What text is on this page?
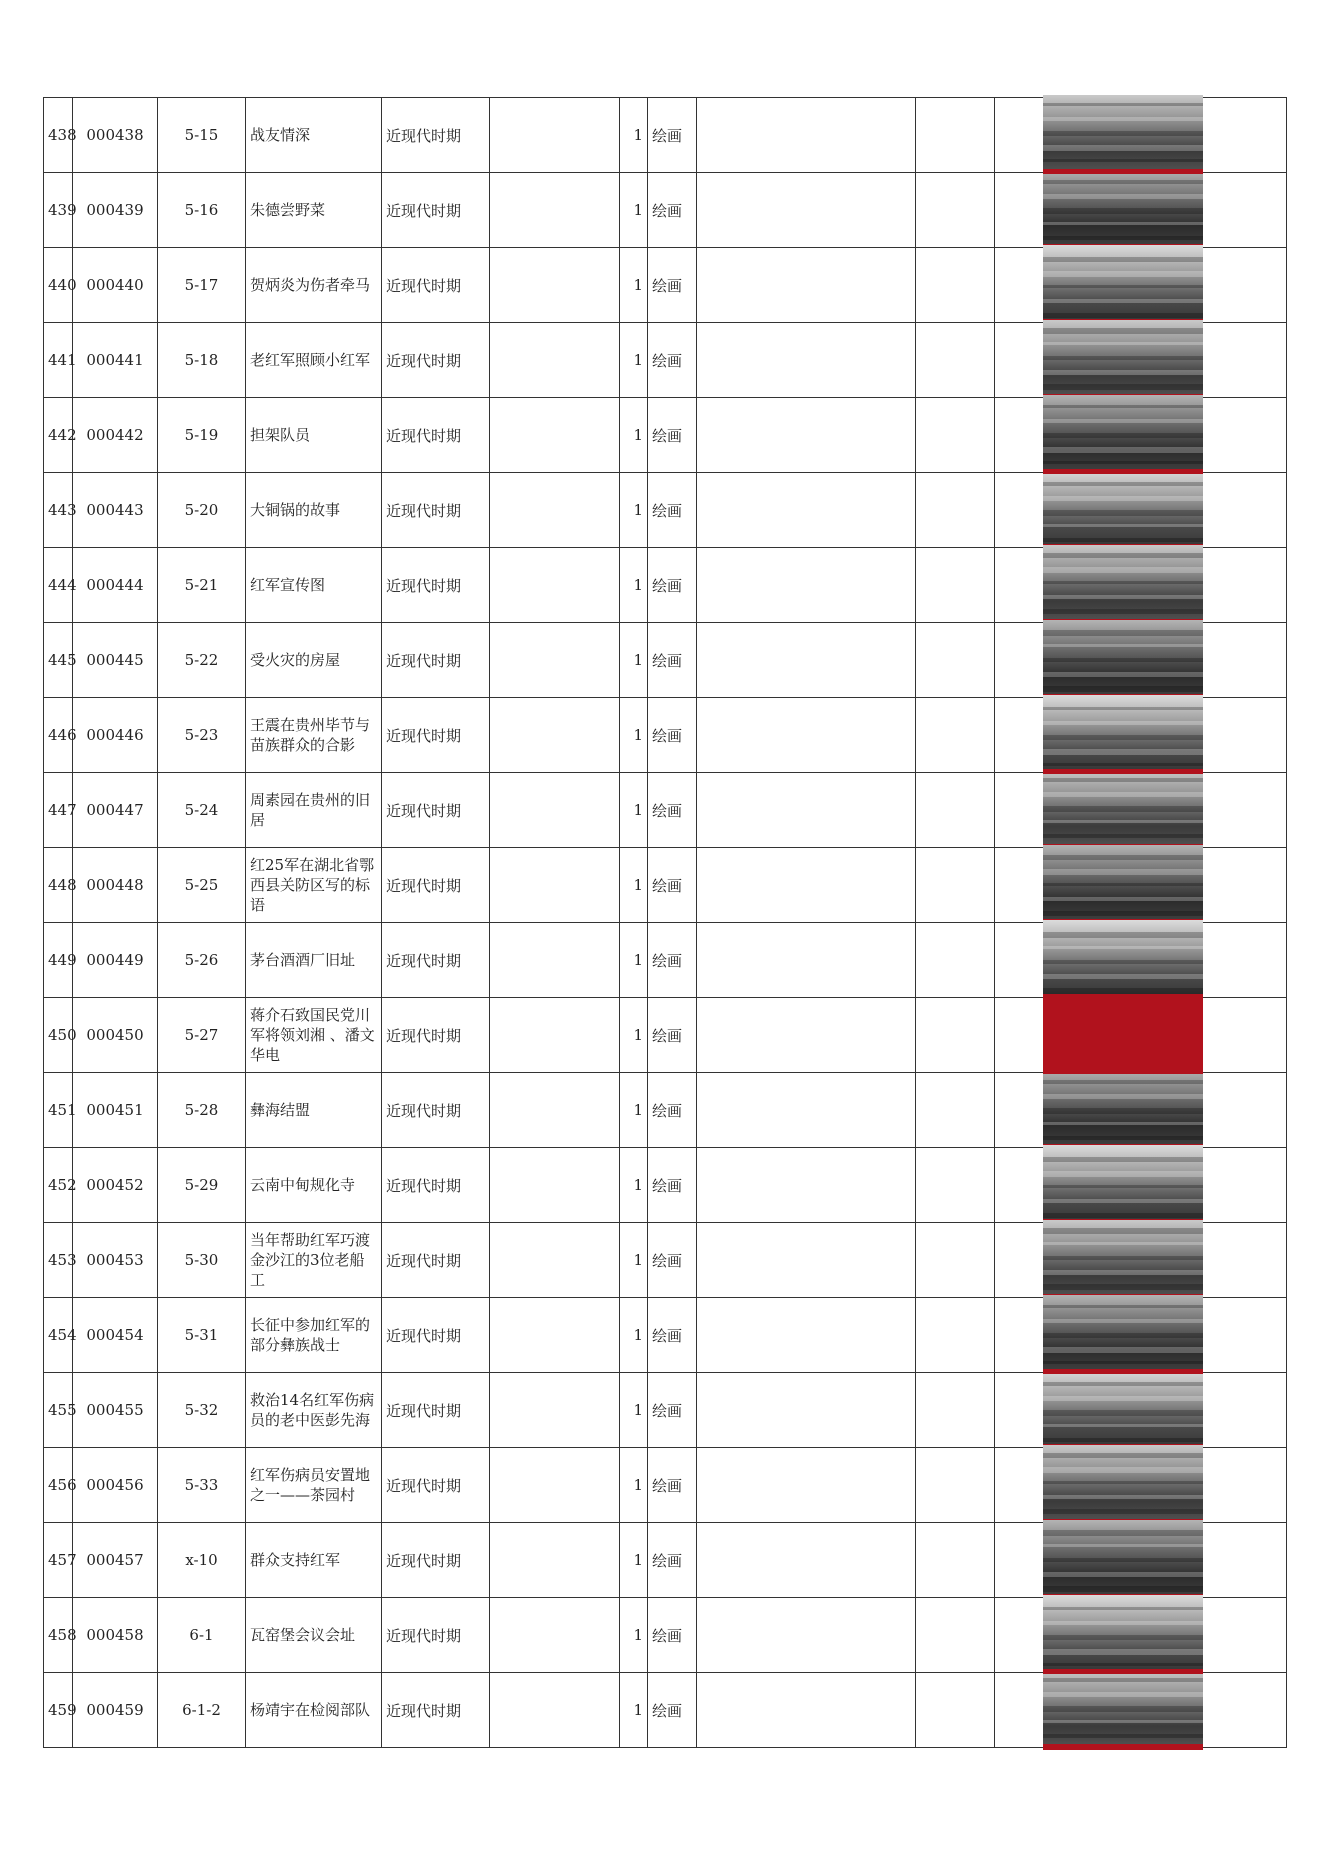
438	000438	5-15	战友情深	近现代时期		1	绘画			

439	000439	5-16	朱德尝野菜	近现代时期		1	绘画			

440	000440	5-17	贺炳炎为伤者牵马	近现代时期		1	绘画			

441	000441	5-18	老红军照顾小红军	近现代时期		1	绘画			

442	000442	5-19	担架队员	近现代时期		1	绘画			

443	000443	5-20	大铜锅的故事	近现代时期		1	绘画			

444	000444	5-21	红军宣传图	近现代时期		1	绘画			

445	000445	5-22	受火灾的房屋	近现代时期		1	绘画			

446	000446	5-23	王震在贵州毕节与苗族群众的合影	近现代时期		1	绘画			

447	000447	5-24	周素园在贵州的旧居	近现代时期		1	绘画			

448	000448	5-25	红25军在湖北省鄂西县关防区写的标语	近现代时期		1	绘画			

449	000449	5-26	茅台酒酒厂旧址	近现代时期		1	绘画			

450	000450	5-27	蒋介石致国民党川军将领刘湘 、潘文华电	近现代时期		1	绘画			

451	000451	5-28	彝海结盟	近现代时期		1	绘画			

452	000452	5-29	云南中甸规化寺	近现代时期		1	绘画			

453	000453	5-30	当年帮助红军巧渡金沙江的3位老船工	近现代时期		1	绘画			

454	000454	5-31	长征中参加红军的部分彝族战士	近现代时期		1	绘画			

455	000455	5-32	救治14名红军伤病员的老中医彭先海	近现代时期		1	绘画			

456	000456	5-33	红军伤病员安置地之一——茶园村	近现代时期		1	绘画			

457	000457	x-10	群众支持红军	近现代时期		1	绘画			

458	000458	6-1	瓦窑堡会议会址	近现代时期		1	绘画			

459	000459	6-1-2	杨靖宇在检阅部队	近现代时期		1	绘画			
